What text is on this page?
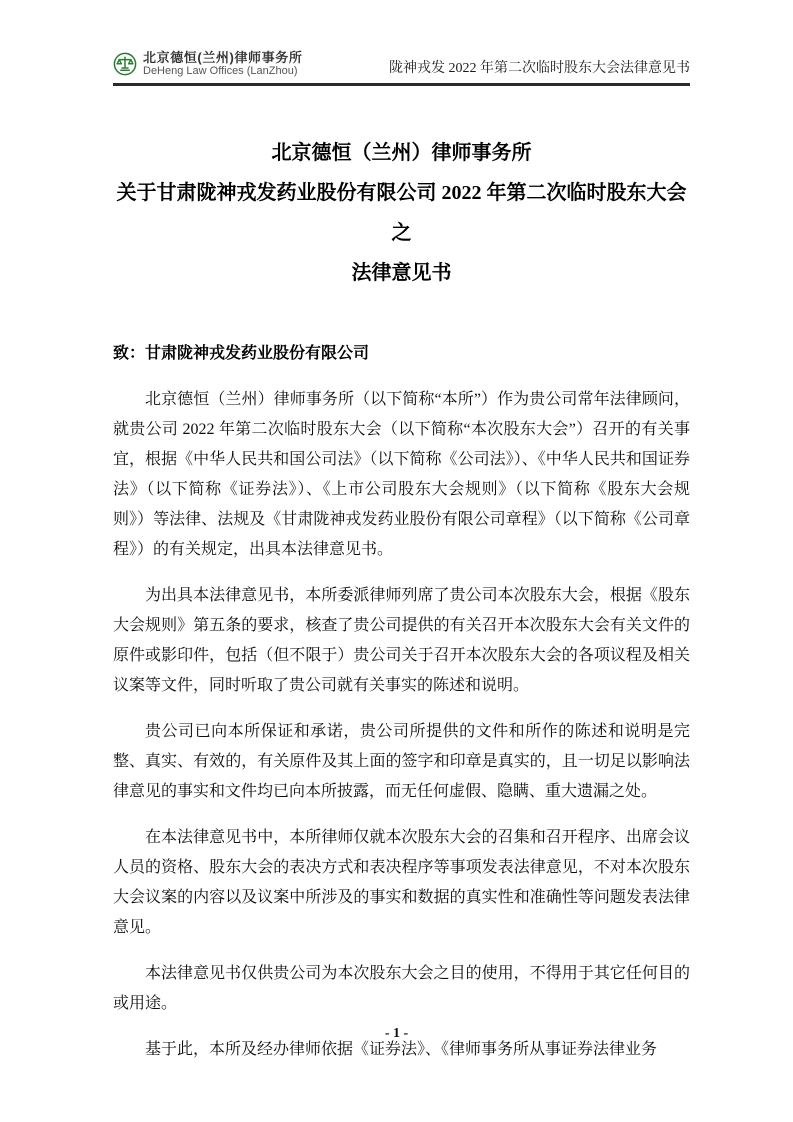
北京德恒(兰州)律师事务所
DeHeng Law Offices (LanZhou)	陇神戎发 2022 年第二次临时股东大会法律意见书
北京德恒（兰州）律师事务所
关于甘肃陇神戎发药业股份有限公司 2022 年第二次临时股东大会之
法律意见书

致：甘肃陇神戎发药业股份有限公司

北京德恒（兰州）律师事务所（以下简称“本所”）作为贵公司常年法律顾问，就贵公司 2022 年第二次临时股东大会（以下简称“本次股东大会”）召开的有关事宜，根据《中华人民共和国公司法》（以下简称《公司法》）、《中华人民共和国证券法》（以下简称《证券法》）、《上市公司股东大会规则》（以下简称《股东大会规则》）等法律、法规及《甘肃陇神戎发药业股份有限公司章程》（以下简称《公司章程》）的有关规定，出具本法律意见书。

为出具本法律意见书，本所委派律师列席了贵公司本次股东大会，根据《股东大会规则》第五条的要求，核查了贵公司提供的有关召开本次股东大会有关文件的原件或影印件，包括（但不限于）贵公司关于召开本次股东大会的各项议程及相关议案等文件，同时听取了贵公司就有关事实的陈述和说明。

贵公司已向本所保证和承诺，贵公司所提供的文件和所作的陈述和说明是完整、真实、有效的，有关原件及其上面的签字和印章是真实的，且一切足以影响法律意见的事实和文件均已向本所披露，而无任何虚假、隐瞒、重大遗漏之处。

在本法律意见书中，本所律师仅就本次股东大会的召集和召开程序、出席会议人员的资格、股东大会的表决方式和表决程序等事项发表法律意见，不对本次股东大会议案的内容以及议案中所涉及的事实和数据的真实性和准确性等问题发表法律意见。

本法律意见书仅供贵公司为本次股东大会之目的使用，不得用于其它任何目的或用途。

基于此，本所及经办律师依据《证券法》、《律师事务所从事证券法律业务

- 1 -
